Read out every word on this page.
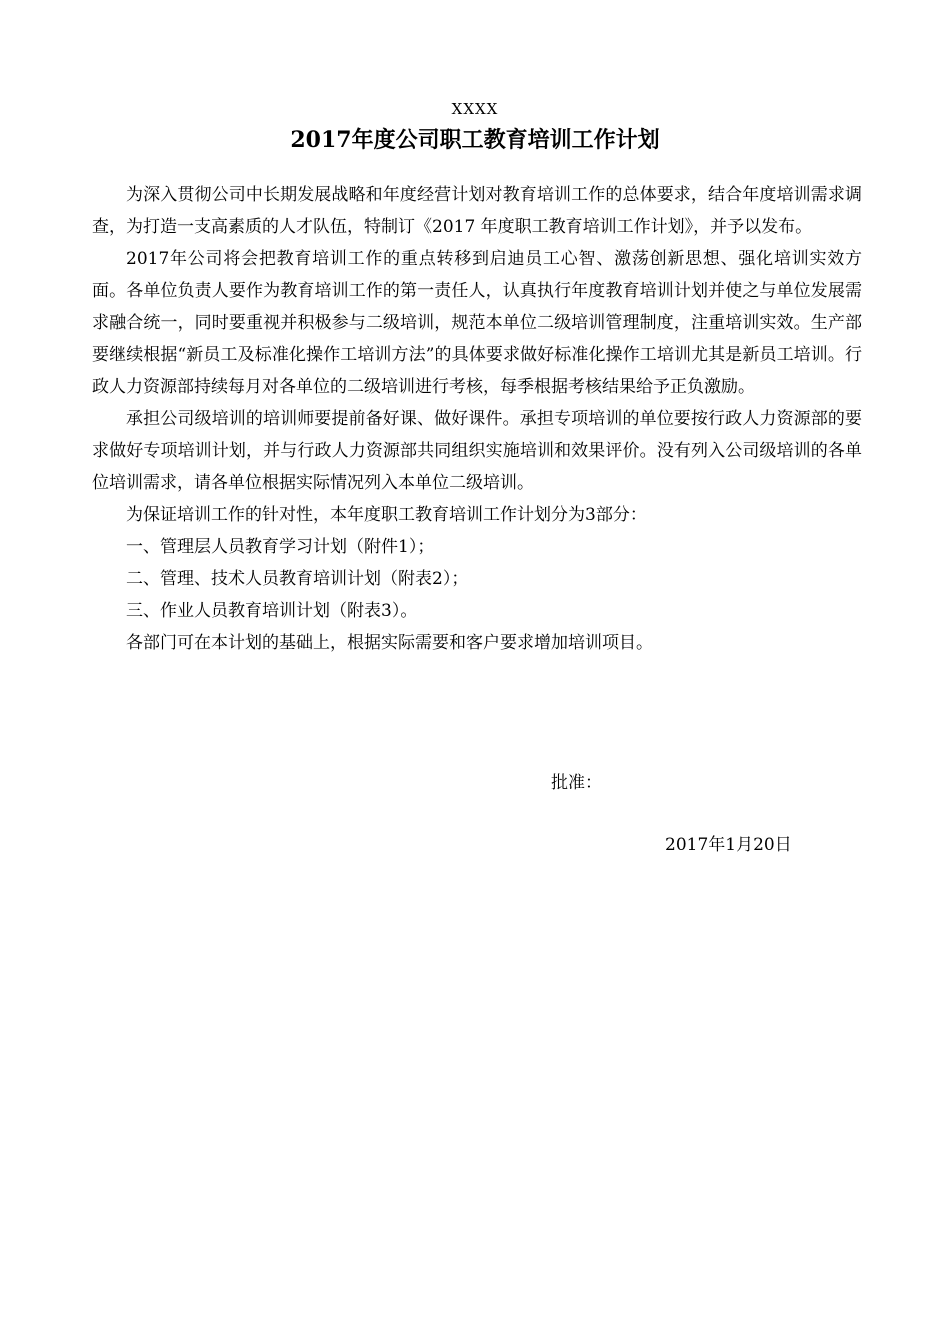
XXXX
2017年度公司职工教育培训工作计划

为深入贯彻公司中长期发展战略和年度经营计划对教育培训工作的总体要求，结合年度培训需求调查，为打造一支高素质的人才队伍，特制订《2017 年度职工教育培训工作计划》，并予以发布。

2017年公司将会把教育培训工作的重点转移到启迪员工心智、激荡创新思想、强化培训实效方面。各单位负责人要作为教育培训工作的第一责任人，认真执行年度教育培训计划并使之与单位发展需求融合统一，同时要重视并积极参与二级培训，规范本单位二级培训管理制度，注重培训实效。生产部要继续根据“新员工及标准化操作工培训方法”的具体要求做好标准化操作工培训尤其是新员工培训。行政人力资源部持续每月对各单位的二级培训进行考核，每季根据考核结果给予正负激励。

承担公司级培训的培训师要提前备好课、做好课件。承担专项培训的单位要按行政人力资源部的要求做好专项培训计划，并与行政人力资源部共同组织实施培训和效果评价。没有列入公司级培训的各单位培训需求，请各单位根据实际情况列入本单位二级培训。

为保证培训工作的针对性，本年度职工教育培训工作计划分为3部分：

一、管理层人员教育学习计划（附件1）；

二、管理、技术人员教育培训计划（附表2）；

三、作业人员教育培训计划（附表3）。

各部门可在本计划的基础上，根据实际需要和客户要求增加培训项目。

批准：
2017年1月20日
